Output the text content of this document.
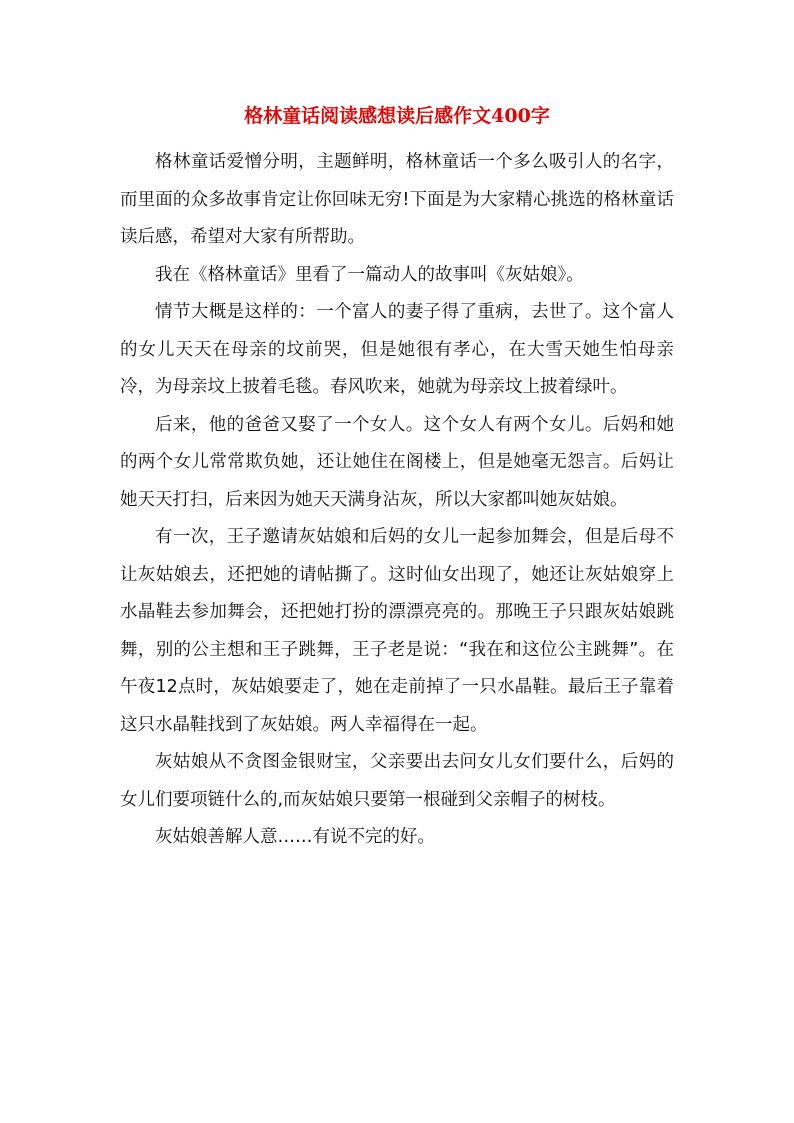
格林童话阅读感想读后感作文400字

格林童话爱憎分明，主题鲜明，格林童话一个多么吸引人的名字，而里面的众多故事肯定让你回味无穷!下面是为大家精心挑选的格林童话读后感，希望对大家有所帮助。

我在《格林童话》里看了一篇动人的故事叫《灰姑娘》。

情节大概是这样的：一个富人的妻子得了重病，去世了。这个富人的女儿天天在母亲的坟前哭，但是她很有孝心，在大雪天她生怕母亲冷，为母亲坟上披着毛毯。春风吹来，她就为母亲坟上披着绿叶。

后来，他的爸爸又娶了一个女人。这个女人有两个女儿。后妈和她的两个女儿常常欺负她，还让她住在阁楼上，但是她毫无怨言。后妈让她天天打扫，后来因为她天天满身沾灰，所以大家都叫她灰姑娘。

有一次，王子邀请灰姑娘和后妈的女儿一起参加舞会，但是后母不让灰姑娘去，还把她的请帖撕了。这时仙女出现了，她还让灰姑娘穿上水晶鞋去参加舞会，还把她打扮的漂漂亮亮的。那晚王子只跟灰姑娘跳舞，别的公主想和王子跳舞，王子老是说：“我在和这位公主跳舞”。在午夜12点时，灰姑娘要走了，她在走前掉了一只水晶鞋。最后王子靠着这只水晶鞋找到了灰姑娘。两人幸福得在一起。

灰姑娘从不贪图金银财宝，父亲要出去问女儿女们要什么，后妈的女儿们要项链什么的,而灰姑娘只要第一根碰到父亲帽子的树枝。

灰姑娘善解人意……有说不完的好。
